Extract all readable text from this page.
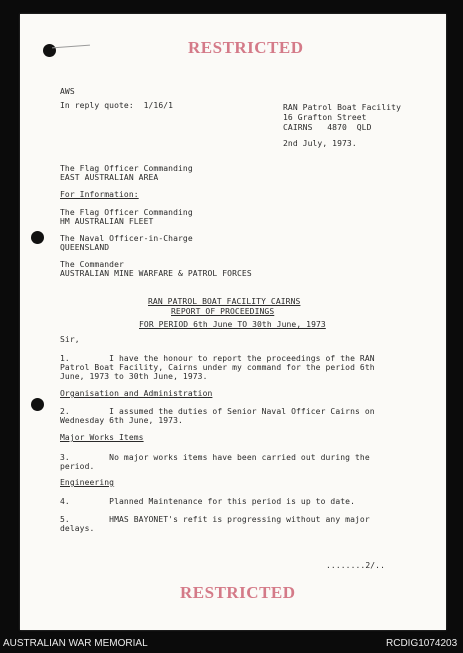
RESTRICTED
AWS
In reply quote:  1/16/1	RAN Patrol Boat Facility
16 Grafton Street
CAIRNS   4870  QLD
2nd July, 1973.
The Flag Officer Commanding
EAST AUSTRALIAN AREA
For Information:
The Flag Officer Commanding
HM AUSTRALIAN FLEET
The Naval Officer-in-Charge
QUEENSLAND
The Commander
AUSTRALIAN MINE WARFARE & PATROL FORCES
RAN PATROL BOAT FACILITY CAIRNS
REPORT OF PROCEEDINGS
FOR PERIOD 6th June TO 30th June, 1973
Sir,
1.        I have the honour to report the proceedings of the RAN
Patrol Boat Facility, Cairns under my command for the period 6th
June, 1973 to 30th June, 1973.
Organisation and Administration
2.        I assumed the duties of Senior Naval Officer Cairns on
Wednesday 6th June, 1973.
Major Works Items
3.        No major works items have been carried out during the
period.
Engineering
4.        Planned Maintenance for this period is up to date.
5.        HMAS BAYONET's refit is progressing without any major
delays.
........2/..
RESTRICTED
AUSTRALIAN WAR MEMORIAL	RCDIG1074203
